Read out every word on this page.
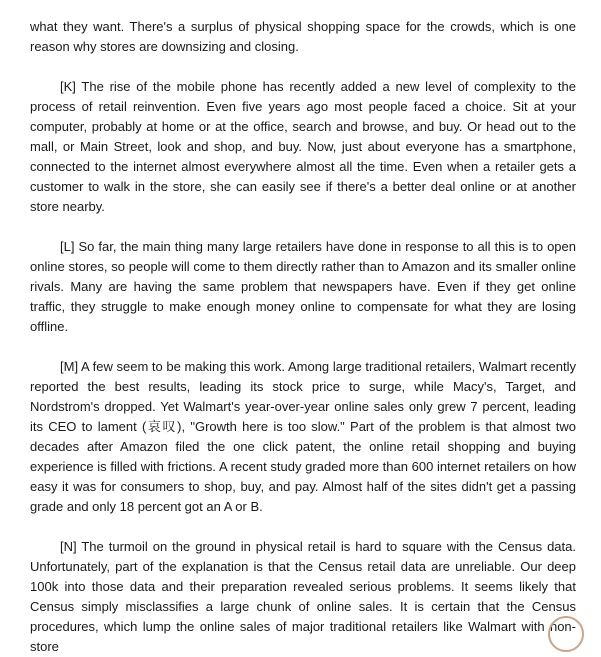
what they want. There's a surplus of physical shopping space for the crowds, which is one reason why stores are downsizing and closing.

[K] The rise of the mobile phone has recently added a new level of complexity to the process of retail reinvention. Even five years ago most people faced a choice. Sit at your computer, probably at home or at the office, search and browse, and buy. Or head out to the mall, or Main Street, look and shop, and buy. Now, just about everyone has a smartphone, connected to the internet almost everywhere almost all the time. Even when a retailer gets a customer to walk in the store, she can easily see if there's a better deal online or at another store nearby.

[L] So far, the main thing many large retailers have done in response to all this is to open online stores, so people will come to them directly rather than to Amazon and its smaller online rivals. Many are having the same problem that newspapers have. Even if they get online traffic, they struggle to make enough money online to compensate for what they are losing offline.

[M] A few seem to be making this work. Among large traditional retailers, Walmart recently reported the best results, leading its stock price to surge, while Macy's, Target, and Nordstrom's dropped. Yet Walmart's year-over-year online sales only grew 7 percent, leading its CEO to lament (哀叹), "Growth here is too slow." Part of the problem is that almost two decades after Amazon filed the one click patent, the online retail shopping and buying experience is filled with frictions. A recent study graded more than 600 internet retailers on how easy it was for consumers to shop, buy, and pay. Almost half of the sites didn't get a passing grade and only 18 percent got an A or B.

[N] The turmoil on the ground in physical retail is hard to square with the Census data. Unfortunately, part of the explanation is that the Census retail data are unreliable. Our deep 100k into those data and their preparation revealed serious problems. It seems likely that Census simply misclassifies a large chunk of online sales. It is certain that the Census procedures, which lump the online sales of major traditional retailers like Walmart with non-store
